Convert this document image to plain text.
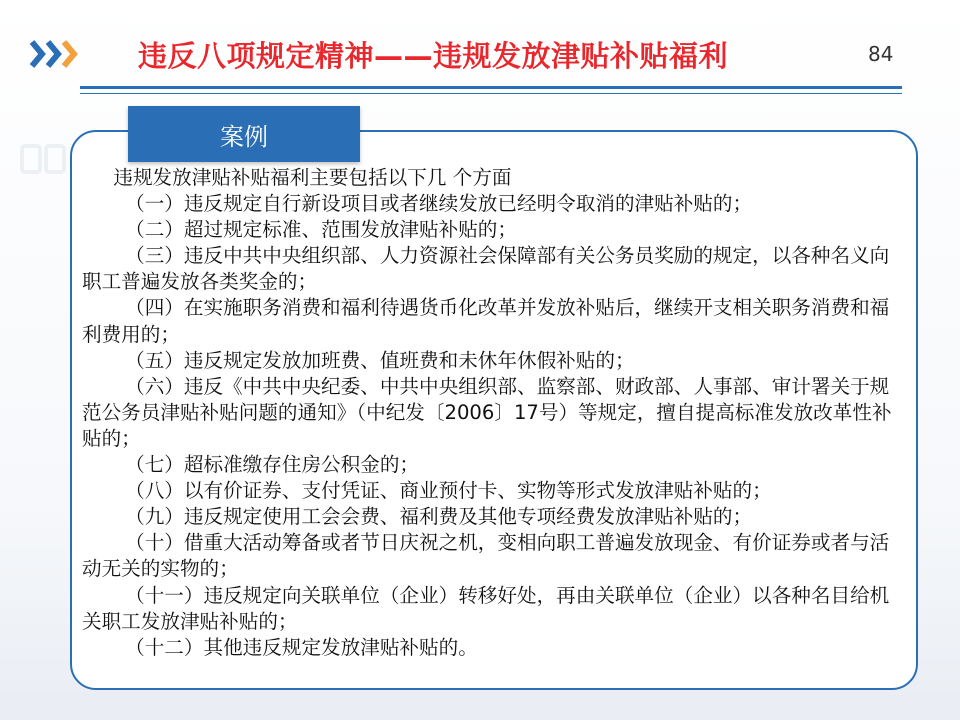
违反八项规定精神——违规发放津贴补贴福利	84
案例

违规发放津贴补贴福利主要包括以下几 个方面

（一）违反规定自行新设项目或者继续发放已经明令取消的津贴补贴的；

（二）超过规定标准、范围发放津贴补贴的；

（三）违反中共中央组织部、人力资源社会保障部有关公务员奖励的规定，以各种名义向职工普遍发放各类奖金的；

（四）在实施职务消费和福利待遇货币化改革并发放补贴后，继续开支相关职务消费和福利费用的；

（五）违反规定发放加班费、值班费和未休年休假补贴的；

（六）违反《中共中央纪委、中共中央组织部、监察部、财政部、人事部、审计署关于规范公务员津贴补贴问题的通知》（中纪发〔2006〕17号）等规定，擅自提高标准发放改革性补贴的；

（七）超标准缴存住房公积金的；

（八）以有价证券、支付凭证、商业预付卡、实物等形式发放津贴补贴的；

（九）违反规定使用工会会费、福利费及其他专项经费发放津贴补贴的；

（十）借重大活动筹备或者节日庆祝之机，变相向职工普遍发放现金、有价证券或者与活动无关的实物的；

（十一）违反规定向关联单位（企业）转移好处，再由关联单位（企业）以各种名目给机关职工发放津贴补贴的；

（十二）其他违反规定发放津贴补贴的。
